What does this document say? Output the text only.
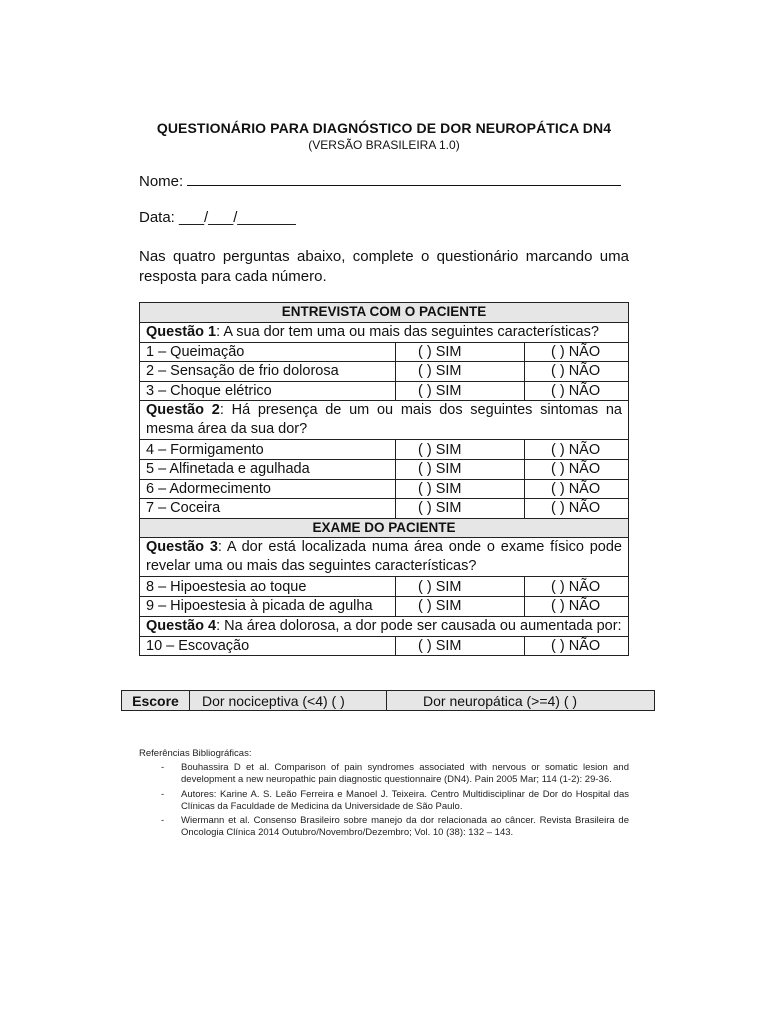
QUESTIONÁRIO PARA DIAGNÓSTICO DE DOR NEUROPÁTICA DN4
(VERSÃO BRASILEIRA 1.0)
Nome:
Data: ___/___/_______
Nas quatro perguntas abaixo, complete o questionário marcando uma resposta para cada número.
ENTREVISTA COM O PACIENTE		
Questão 1: A sua dor tem uma ou mais das seguintes características?		
1 – Queimação	( ) SIM	( ) NÃO
2 – Sensação de frio dolorosa	( ) SIM	( ) NÃO
3 – Choque elétrico	( ) SIM	( ) NÃO
Questão 2: Há presença de um ou mais dos seguintes sintomas na mesma área da sua dor?		
4 – Formigamento	( ) SIM	( ) NÃO
5 – Alfinetada e agulhada	( ) SIM	( ) NÃO
6 – Adormecimento	( ) SIM	( ) NÃO
7 – Coceira	( ) SIM	( ) NÃO
EXAME DO PACIENTE		
Questão 3: A dor está localizada numa área onde o exame físico pode revelar uma ou mais das seguintes características?		
8 – Hipoestesia ao toque	( ) SIM	( ) NÃO
9 – Hipoestesia à picada de agulha	( ) SIM	( ) NÃO
Questão 4: Na área dolorosa, a dor pode ser causada ou aumentada por:		
10 – Escovação	( ) SIM	( ) NÃO
Escore	Dor nociceptiva (<4) ( )	Dor neuropática (>=4) ( )
Referências Bibliográficas:
- Bouhassira D et al. Comparison of pain syndromes associated with nervous or somatic lesion and development a new neuropathic pain diagnostic questionnaire (DN4). Pain 2005 Mar; 114 (1-2): 29-36.
- Autores: Karine A. S. Leão Ferreira e Manoel J. Teixeira. Centro Multidisciplinar de Dor do Hospital das Clínicas da Faculdade de Medicina da Universidade de São Paulo.
- Wiermann et al. Consenso Brasileiro sobre manejo da dor relacionada ao câncer. Revista Brasileira de Oncologia Clínica 2014 Outubro/Novembro/Dezembro; Vol. 10 (38): 132 – 143.
